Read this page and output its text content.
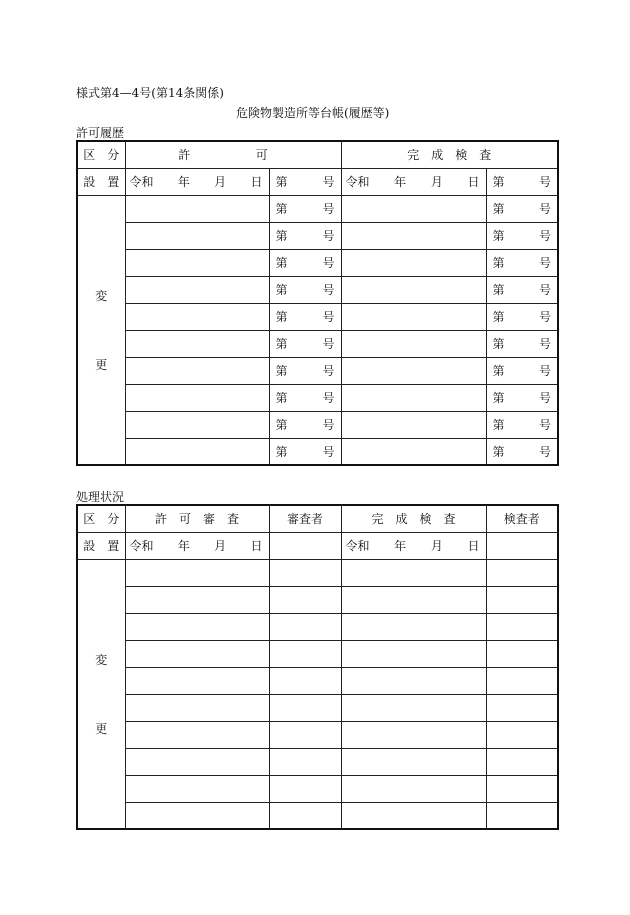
様式第4—4号(第14条関係)
危険物製造所等台帳(履歴等)
許可履歴
区　分	許 可		完　成　検　査	
設　置	令和 年 月 日	第 号	令和 年 月 日	第 号

変
更		第 号		第 号

		第 号		第 号

		第 号		第 号

		第 号		第 号

		第 号		第 号

		第 号		第 号

		第 号		第 号

		第 号		第 号

		第 号		第 号

		第 号		第 号
処理状況
区　分	許　可　審　査	審査者	完　成　検　査	検査者
設　置	令和 年 月 日		令和 年 月 日	

変
更				
